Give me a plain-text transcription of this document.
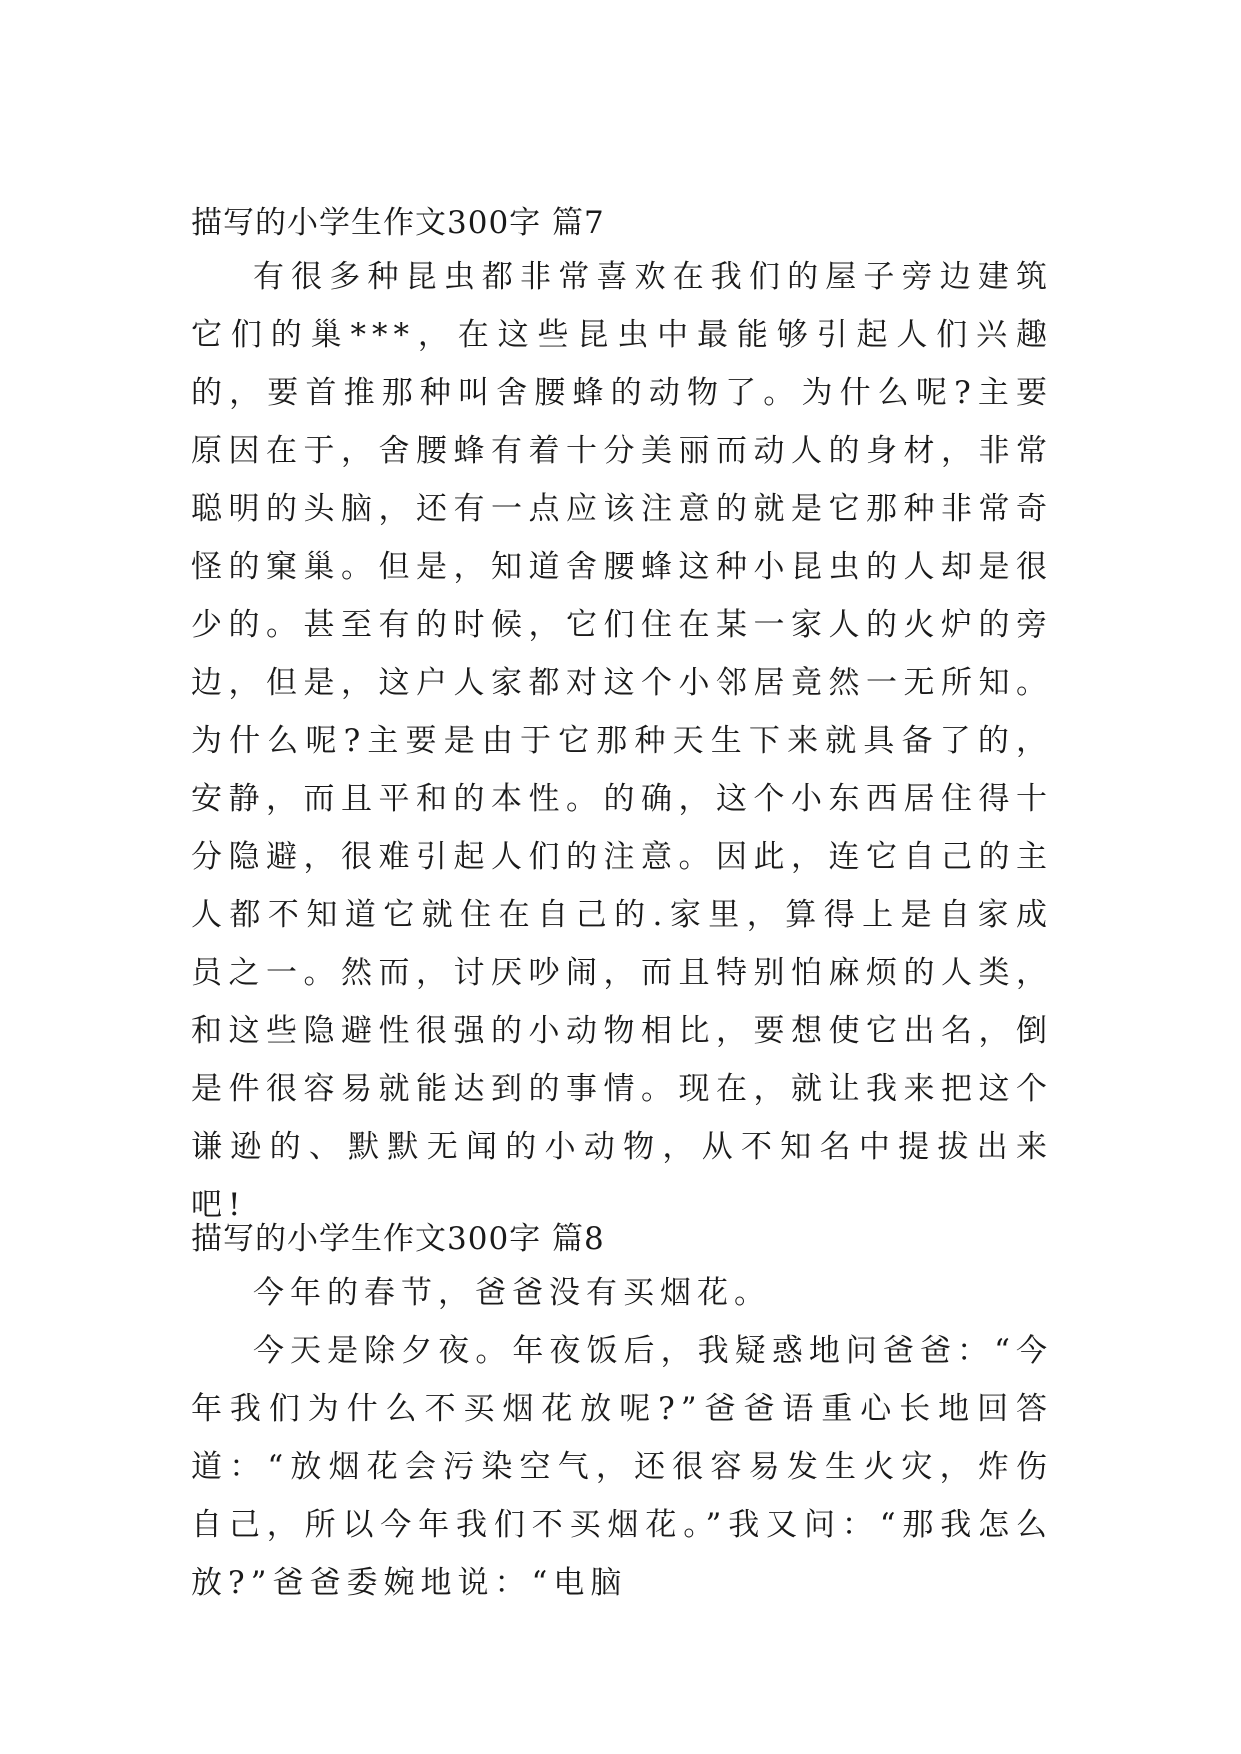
描写的小学生作文300字 篇7

有很多种昆虫都非常喜欢在我们的屋子旁边建筑它们的巢***，在这些昆虫中最能够引起人们兴趣的，要首推那种叫舍腰蜂的动物了。为什么呢?主要原因在于，舍腰蜂有着十分美丽而动人的身材，非常聪明的头脑，还有一点应该注意的就是它那种非常奇怪的窠巢。但是，知道舍腰蜂这种小昆虫的人却是很少的。甚至有的时候，它们住在某一家人的火炉的旁边，但是，这户人家都对这个小邻居竟然一无所知。为什么呢?主要是由于它那种天生下来就具备了的，安静，而且平和的本性。的确，这个小东西居住得十分隐避，很难引起人们的注意。因此，连它自己的主人都不知道它就住在自己的.家里，算得上是自家成员之一。然而，讨厌吵闹，而且特别怕麻烦的人类，和这些隐避性很强的小动物相比，要想使它出名，倒是件很容易就能达到的事情。现在，就让我来把这个谦逊的、默默无闻的小动物，从不知名中提拔出来吧!

描写的小学生作文300字 篇8

今年的春节，爸爸没有买烟花。

今天是除夕夜。年夜饭后，我疑惑地问爸爸：“今年我们为什么不买烟花放呢?”爸爸语重心长地回答道：“放烟花会污染空气，还很容易发生火灾，炸伤自己，所以今年我们不买烟花。”我又问：“那我怎么放?”爸爸委婉地说：“电脑
